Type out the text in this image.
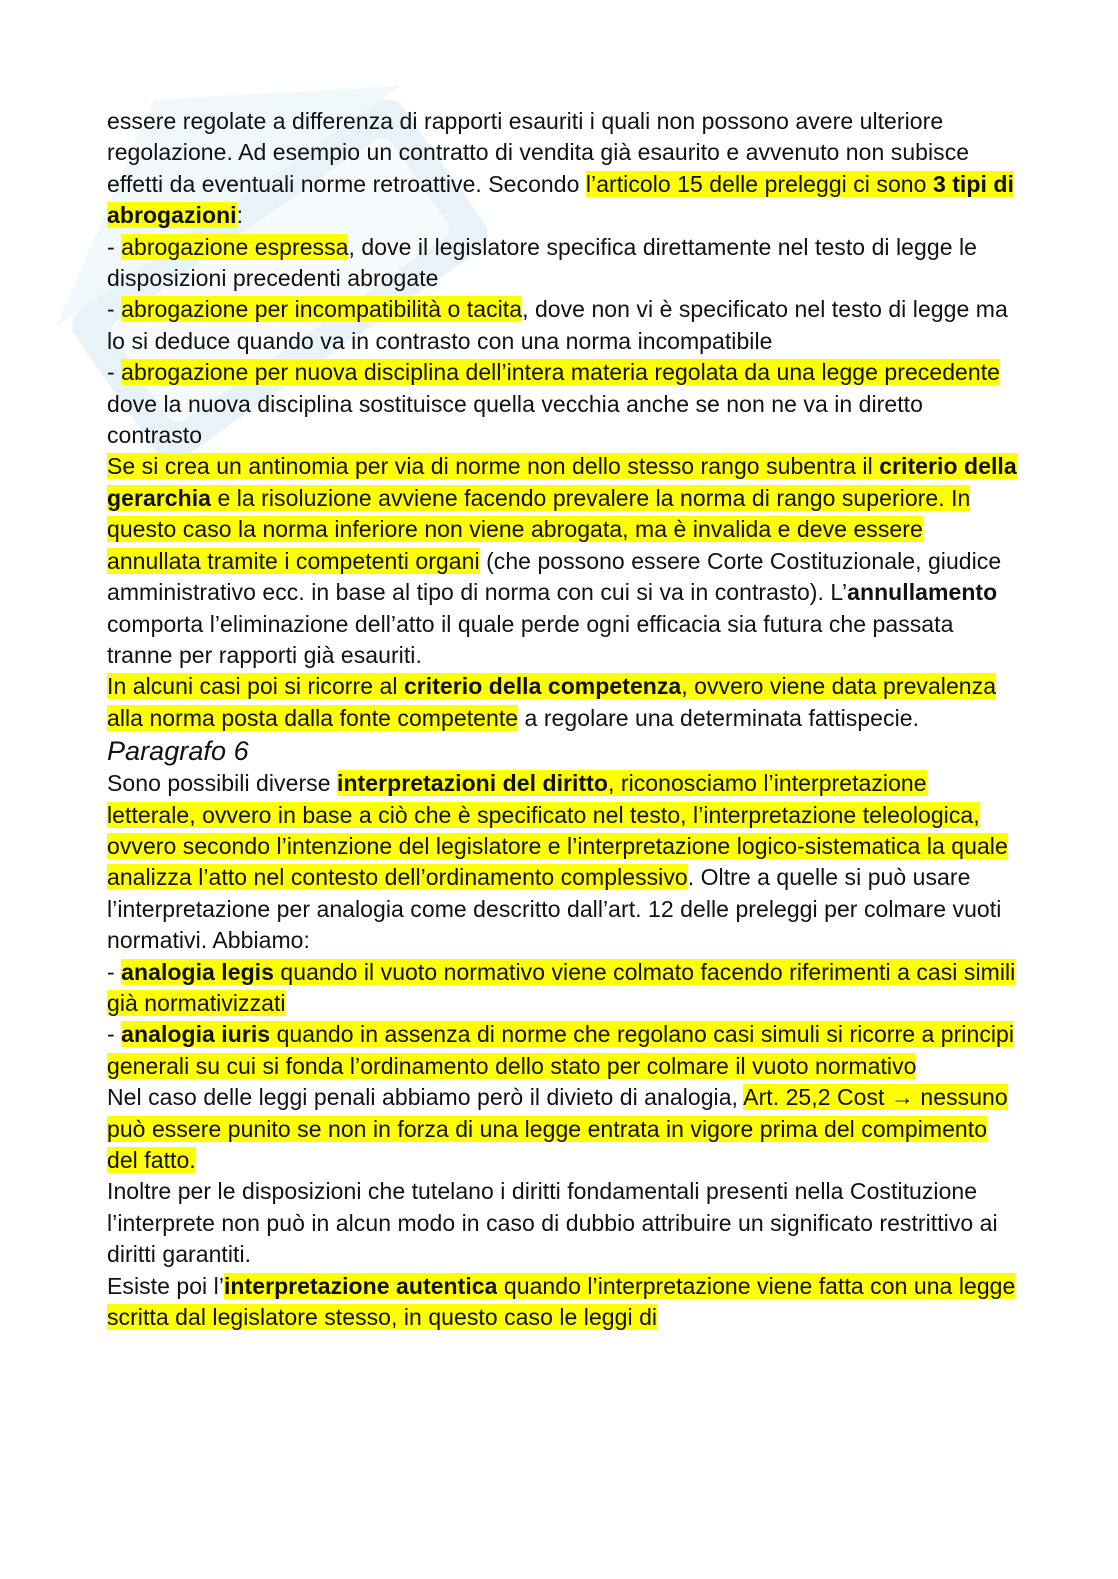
essere regolate a differenza di rapporti esauriti i quali non possono avere ulteriore regolazione. Ad esempio un contratto di vendita già esaurito e avvenuto non subisce effetti da eventuali norme retroattive. Secondo l’articolo 15 delle preleggi ci sono 3 tipi di abrogazioni:

- abrogazione espressa, dove il legislatore specifica direttamente nel testo di legge le disposizioni precedenti abrogate

- abrogazione per incompatibilità o tacita, dove non vi è specificato nel testo di legge ma lo si deduce quando va in contrasto con una norma incompatibile

- abrogazione per nuova disciplina dell’intera materia regolata da una legge precedente dove la nuova disciplina sostituisce quella vecchia anche se non ne va in diretto contrasto

Se si crea un antinomia per via di norme non dello stesso rango subentra il criterio della gerarchia e la risoluzione avviene facendo prevalere la norma di rango superiore. In questo caso la norma inferiore non viene abrogata, ma è invalida e deve essere annullata tramite i competenti organi (che possono essere Corte Costituzionale, giudice amministrativo ecc. in base al tipo di norma con cui si va in contrasto). L’annullamento comporta l’eliminazione dell’atto il quale perde ogni efficacia sia futura che passata tranne per rapporti già esauriti.

In alcuni casi poi si ricorre al criterio della competenza, ovvero viene data prevalenza alla norma posta dalla fonte competente a regolare una determinata fattispecie.

Paragrafo 6

Sono possibili diverse interpretazioni del diritto, riconosciamo l’interpretazione letterale, ovvero in base a ciò che è specificato nel testo, l’interpretazione teleologica, ovvero secondo l’intenzione del legislatore e l’interpretazione logico-sistematica la quale analizza l’atto nel contesto dell’ordinamento complessivo. Oltre a quelle si può usare l’interpretazione per analogia come descritto dall’art. 12 delle preleggi per colmare vuoti normativi. Abbiamo:

- analogia legis quando il vuoto normativo viene colmato facendo riferimenti a casi simili già normativizzati

- analogia iuris quando in assenza di norme che regolano casi simuli si ricorre a principi generali su cui si fonda l’ordinamento dello stato per colmare il vuoto normativo

Nel caso delle leggi penali abbiamo però il divieto di analogia, Art. 25,2 Cost → nessuno può essere punito se non in forza di una legge entrata in vigore prima del compimento del fatto.

Inoltre per le disposizioni che tutelano i diritti fondamentali presenti nella Costituzione l’interprete non può in alcun modo in caso di dubbio attribuire un significato restrittivo ai diritti garantiti.

Esiste poi l’interpretazione autentica quando l’interpretazione viene fatta con una legge scritta dal legislatore stesso, in questo caso le leggi di
